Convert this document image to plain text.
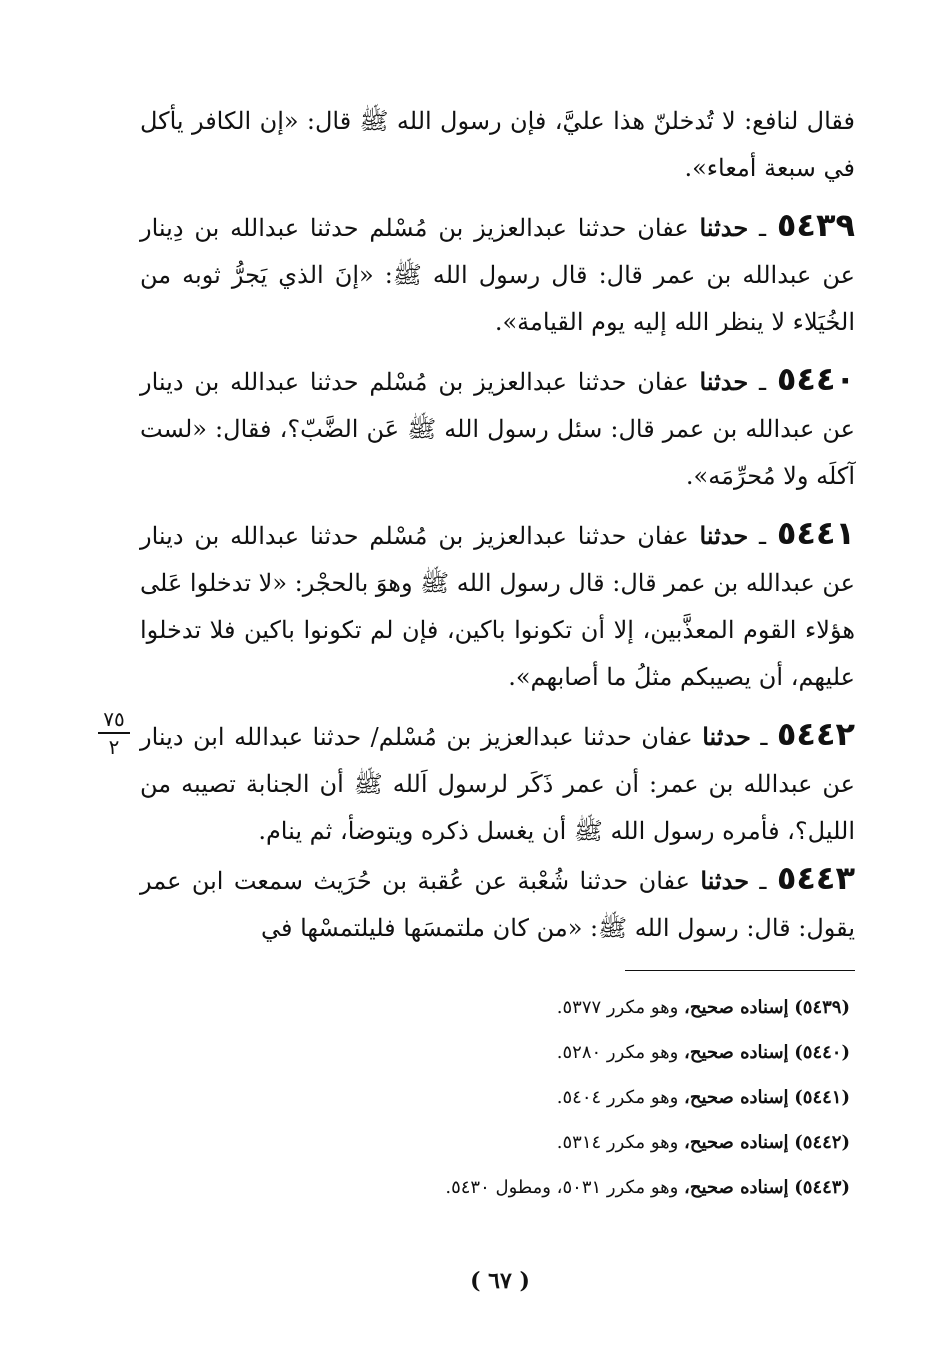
فقال لنافع: لا تُدخلنّ هذا عليَّ، فإن رسول الله ﷺ قال: «إن الكافر يأكل في سبعة أمعاء».

٥٤٣٩ ـ حدثنا عفان حدثنا عبدالعزيز بن مُسْلم حدثنا عبدالله بن دِينار عن عبدالله بن عمر قال: قال رسول الله ﷺ: «إنَ الذي يَجرُّ ثوبه من الخُيَلاء لا ينظر الله إليه يوم القيامة».

٥٤٤٠ ـ حدثنا عفان حدثنا عبدالعزيز بن مُسْلم حدثنا عبدالله بن دينار عن عبدالله بن عمر قال: سئل رسول الله ﷺ عَن الضَّبّ؟، فقال: «لست آكلَه ولا مُحرِّمَه».

٥٤٤١ ـ حدثنا عفان حدثنا عبدالعزيز بن مُسْلم حدثنا عبدالله بن دينار عن عبدالله بن عمر قال: قال رسول الله ﷺ وهوَ بالحجْر: «لا تدخلوا عَلى هؤلاء القوم المعذَّبين، إلا أن تكونوا باكين، فإن لم تكونوا باكين فلا تدخلوا عليهم، أن يصيبكم مثلُ ما أصابهم».

٥٤٤٢ ـ حدثنا عفان حدثنا عبدالعزيز بن مُسْلم/ حدثنا عبدالله ابن دينار عن عبدالله بن عمر: أن عمر ذَكَر لرسول اَلله ﷺ أن الجنابة تصيبه من الليل؟، فأمره رسول الله ﷺ أن يغسل ذكره ويتوضأ، ثم ينام.

٥٤٤٣ ـ حدثنا عفان حدثنا شُعْبة عن عُقبة بن حُرَيث سمعت ابن عمر يقول: قال: رسول الله ﷺ: «من كان ملتمسَها فليلتمسْها في

٧٥
٢

(٥٤٣٩) إسناده صحيح، وهو مكرر ٥٣٧٧.

(٥٤٤٠) إسناده صحيح، وهو مكرر ٥٢٨٠.

(٥٤٤١) إسناده صحيح، وهو مكرر ٥٤٠٤.

(٥٤٤٢) إسناده صحيح، وهو مكرر ٥٣١٤.

(٥٤٤٣) إسناده صحيح، وهو مكرر ٥٠٣١، ومطول ٥٤٣٠.

( ٦٧ )
